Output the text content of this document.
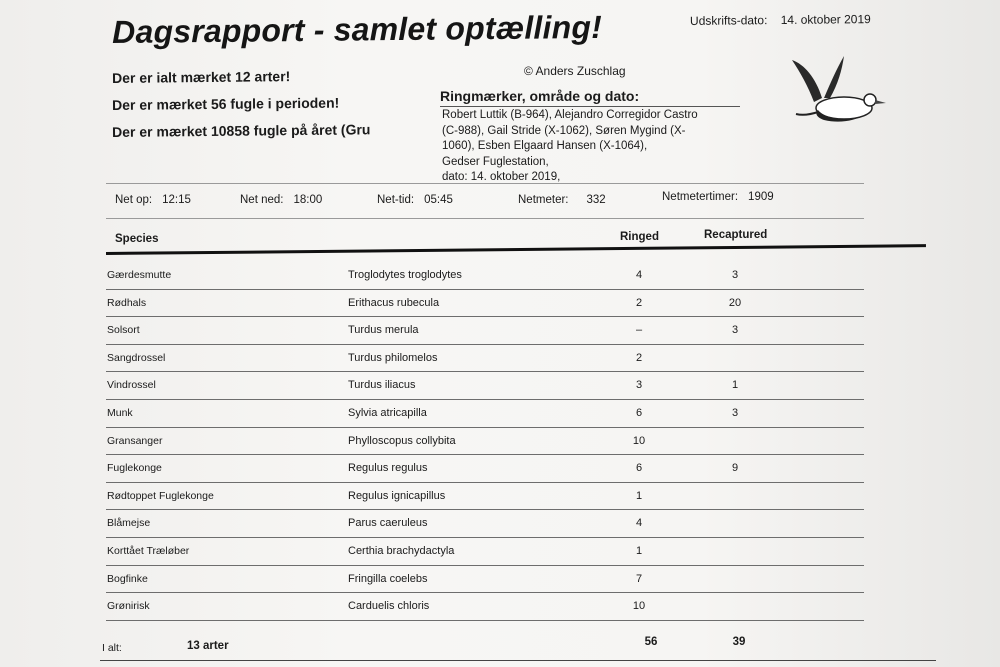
Dagsrapport - samlet optælling!	Udskrifts-dato: 14. oktober 2019
© Anders Zuschlag
Der er ialt mærket 12 arter!
Der er mærket 56 fugle i perioden!
Der er mærket 10858 fugle på året (Gru
Ringmærker, område og dato:
Robert Luttik (B-964), Alejandro Corregidor Castro
(C-988), Gail Stride (X-1062), Søren Mygind (X-
1060), Esben Elgaard Hansen (X-1064),
Gedser Fuglestation,
dato: 14. oktober 2019,
Net op: 12:15	Net ned: 18:00	Net-tid: 05:45	Netmeter: 332	Netmetertimer: 1909
Species	Ringed	Recaptured
Gærdesmutte	Troglodytes troglodytes	4	3
Rødhals	Erithacus rubecula	2	20
Solsort	Turdus merula	–	3
Sangdrossel	Turdus philomelos	2
Vindrossel	Turdus iliacus	3	1
Munk	Sylvia atricapilla	6	3
Gransanger	Phylloscopus collybita	10
Fuglekonge	Regulus regulus	6	9
Rødtoppet Fuglekonge	Regulus ignicapillus	1
Blåmejse	Parus caeruleus	4
Korttået Træløber	Certhia brachydactyla	1
Bogfinke	Fringilla coelebs	7
Grønirisk	Carduelis chloris	10
I alt:	13 arter	56	39
